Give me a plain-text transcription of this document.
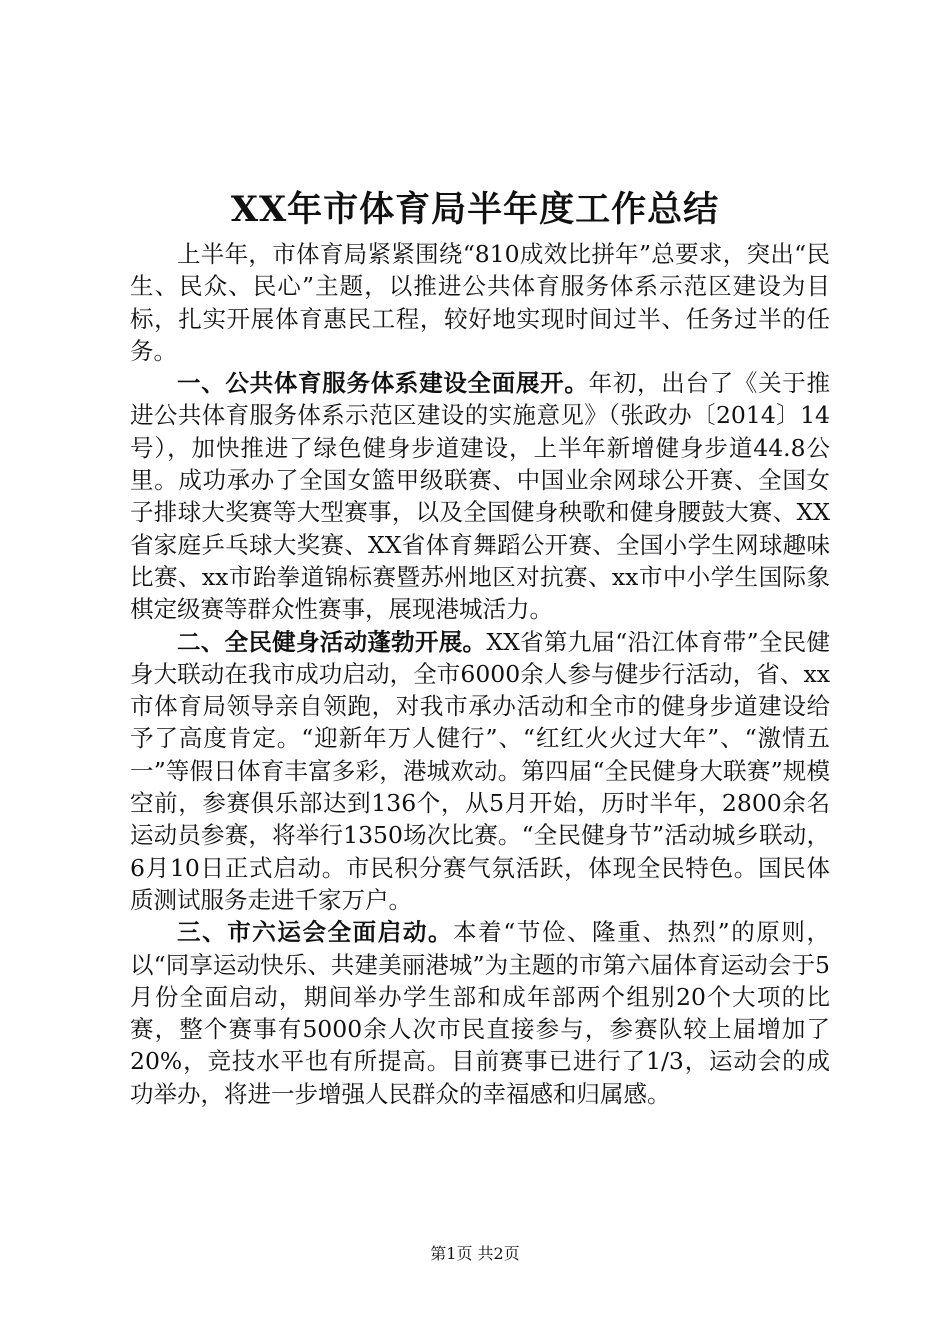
XX年市体育局半年度工作总结

上半年，市体育局紧紧围绕“810成效比拼年”总要求，突出“民生、民众、民心”主题，以推进公共体育服务体系示范区建设为目标，扎实开展体育惠民工程，较好地实现时间过半、任务过半的任务。

一、公共体育服务体系建设全面展开。年初，出台了《关于推进公共体育服务体系示范区建设的实施意见》（张政办〔2014〕14号），加快推进了绿色健身步道建设，上半年新增健身步道44.8公里。成功承办了全国女篮甲级联赛、中国业余网球公开赛、全国女子排球大奖赛等大型赛事，以及全国健身秧歌和健身腰鼓大赛、XX省家庭乒乓球大奖赛、XX省体育舞蹈公开赛、全国小学生网球趣味比赛、xx市跆拳道锦标赛暨苏州地区对抗赛、xx市中小学生国际象棋定级赛等群众性赛事，展现港城活力。

二、全民健身活动蓬勃开展。XX省第九届“沿江体育带”全民健身大联动在我市成功启动，全市6000余人参与健步行活动，省、xx市体育局领导亲自领跑，对我市承办活动和全市的健身步道建设给予了高度肯定。“迎新年万人健行”、“红红火火过大年”、“激情五一”等假日体育丰富多彩，港城欢动。第四届“全民健身大联赛”规模空前，参赛俱乐部达到136个，从5月开始，历时半年，2800余名运动员参赛，将举行1350场次比赛。“全民健身节”活动城乡联动，6月10日正式启动。市民积分赛气氛活跃，体现全民特色。国民体质测试服务走进千家万户。

三、市六运会全面启动。本着“节俭、隆重、热烈”的原则，以“同享运动快乐、共建美丽港城”为主题的市第六届体育运动会于5月份全面启动，期间举办学生部和成年部两个组别20个大项的比赛，整个赛事有5000余人次市民直接参与，参赛队较上届增加了20%，竞技水平也有所提高。目前赛事已进行了1/3，运动会的成功举办，将进一步增强人民群众的幸福感和归属感。

第1页 共2页
